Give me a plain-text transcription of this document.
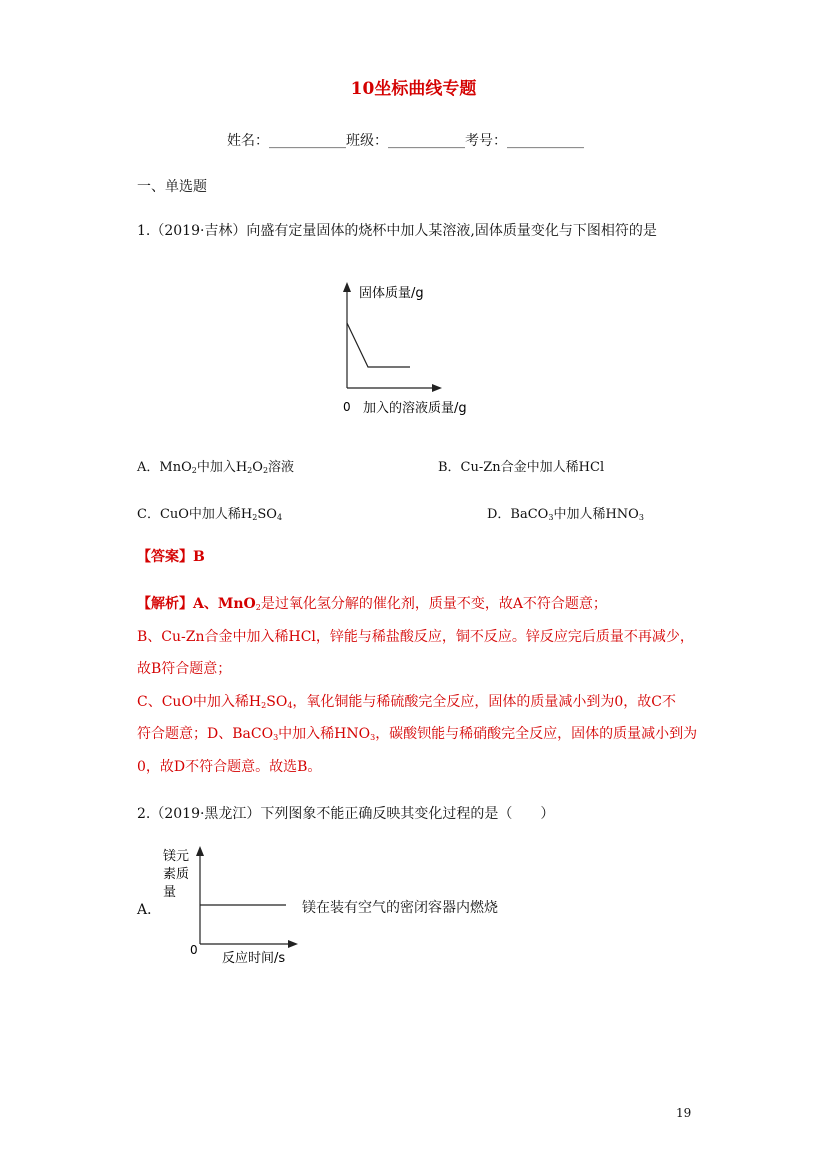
10坐标曲线专题
姓名：___________班级：___________考号：___________
一、单选题
1.（2019·吉林）向盛有定量固体的烧杯中加人某溶液,固体质量变化与下图相符的是
固体质量/g
0 加入的溶液质量/g
A．MnO$_2$中加入$H_2O_2$溶液	B．Cu-Zn合金中加人稀HCl
C．CuO中加人稀$H_2SO_4$	D．BaCO$_3$中加人稀$HNO_3$
【答案】B
【解析】A、MnO$_2$是过氧化氢分解的催化剂，质量不变，故A不符合题意；
B、Cu-Zn合金中加入稀HCl，锌能与稀盐酸反应，铜不反应。锌反应完后质量不再减少，
故B符合题意；
C、CuO中加入稀$H_2SO_4$，氧化铜能与稀硫酸完全反应，固体的质量减小到为0，故C不
符合题意；D、BaCO$_3$中加入稀$HNO_3$，碳酸钡能与稀硝酸完全反应，固体的质量减小到为
0，故D不符合题意。故选B。
2.（2019·黑龙江）下列图象不能正确反映其变化过程的是（　　）
A．
镁元
素质
量
0
反应时间/s
镁在装有空气的密闭容器内燃烧
19
